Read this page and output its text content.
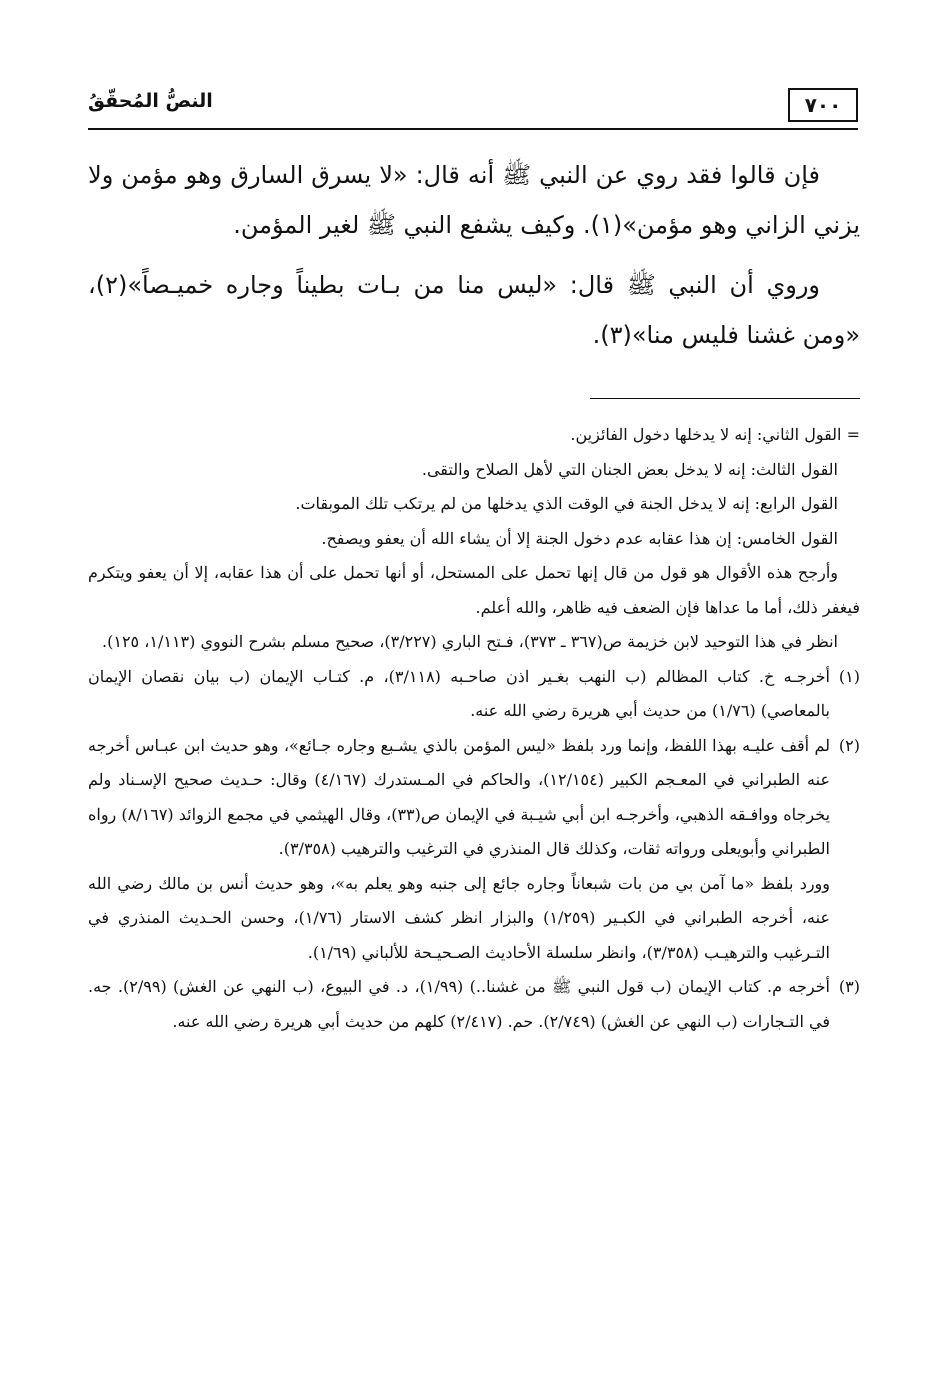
٧٠٠
النصُّ المُحقّقُ

فإن قالوا فقد روي عن النبي ﷺ أنه قال: «لا يسرق السارق وهو مؤمن ولا يزني الزاني وهو مؤمن»(١). وكيف يشفع النبي ﷺ لغير المؤمن.

وروي أن النبي ﷺ قال: «ليس منا من بـات بطيناً وجاره خميـصاً»(٢)، «ومن غشنا فليس منا»(٣).

= القول الثاني: إنه لا يدخلها دخول الفائزين.

القول الثالث: إنه لا يدخل بعض الجنان التي لأهل الصلاح والتقى.

القول الرابع: إنه لا يدخل الجنة في الوقت الذي يدخلها من لم يرتكب تلك الموبقات.

القول الخامس: إن هذا عقابه عدم دخول الجنة إلا أن يشاء الله أن يعفو ويصفح.

وأرجح هذه الأقوال هو قول من قال إنها تحمل على المستحل، أو أنها تحمل على أن هذا عقابه، إلا أن يعفو ويتكرم فيغفر ذلك، أما ما عداها فإن الضعف فيه ظاهر، والله أعلم.

انظر في هذا التوحيد لابن خزيمة ص(٣٦٧ ـ ٣٧٣)، فـتح الباري (٣/٢٢٧)، صحيح مسلم بشرح النووي (١/١١٣، ١٢٥).

(١)أخرجـه خ. كتاب المظالم (ب النهب بغـير اذن صاحـبه (٣/١١٨)، م. كتـاب الإيمان (ب بيان نقصان الإيمان بالمعاصي) (١/٧٦) من حديث أبي هريرة رضي الله عنه.

(٢)لم أقف عليـه بهذا اللفظ، وإنما ورد بلفظ «ليس المؤمن بالذي يشـبع وجاره جـائع»، وهو حديث ابن عبـاس أخرجه عنه الطبراني في المعـجم الكبير (١٢/١٥٤)، والحاكم في المـستدرك (٤/١٦٧) وقال: حـديث صحيح الإسـناد ولم يخرجاه ووافـقه الذهبي، وأخرجـه ابن أبي شيـبة في الإيمان ص(٣٣)، وقال الهيثمي في مجمع الزوائد (٨/١٦٧) رواه الطبراني وأبويعلى ورواته ثقات، وكذلك قال المنذري في الترغيب والترهيب (٣/٣٥٨).

وورد بلفظ «ما آمن بي من بات شبعاناً وجاره جائع إلى جنبه وهو يعلم به»، وهو حديث أنس بن مالك رضي الله عنه، أخرجه الطبراني في الكبـير (١/٢٥٩) والبزار انظر كشف الاستار (١/٧٦)، وحسن الحـديث المنذري في التـرغيب والترهيـب (٣/٣٥٨)، وانظر سلسلة الأحاديث الصـحيـحة للألباني (١/٦٩).

(٣)أخرجه م. كتاب الإيمان (ب قول النبي ﷺ من غشنا..) (١/٩٩)، د. في البيوع، (ب النهي عن الغش) (٢/٩٩). جه. في التـجارات (ب النهي عن الغش) (٢/٧٤٩). حم. (٢/٤١٧) كلهم من حديث أبي هريرة رضي الله عنه.
